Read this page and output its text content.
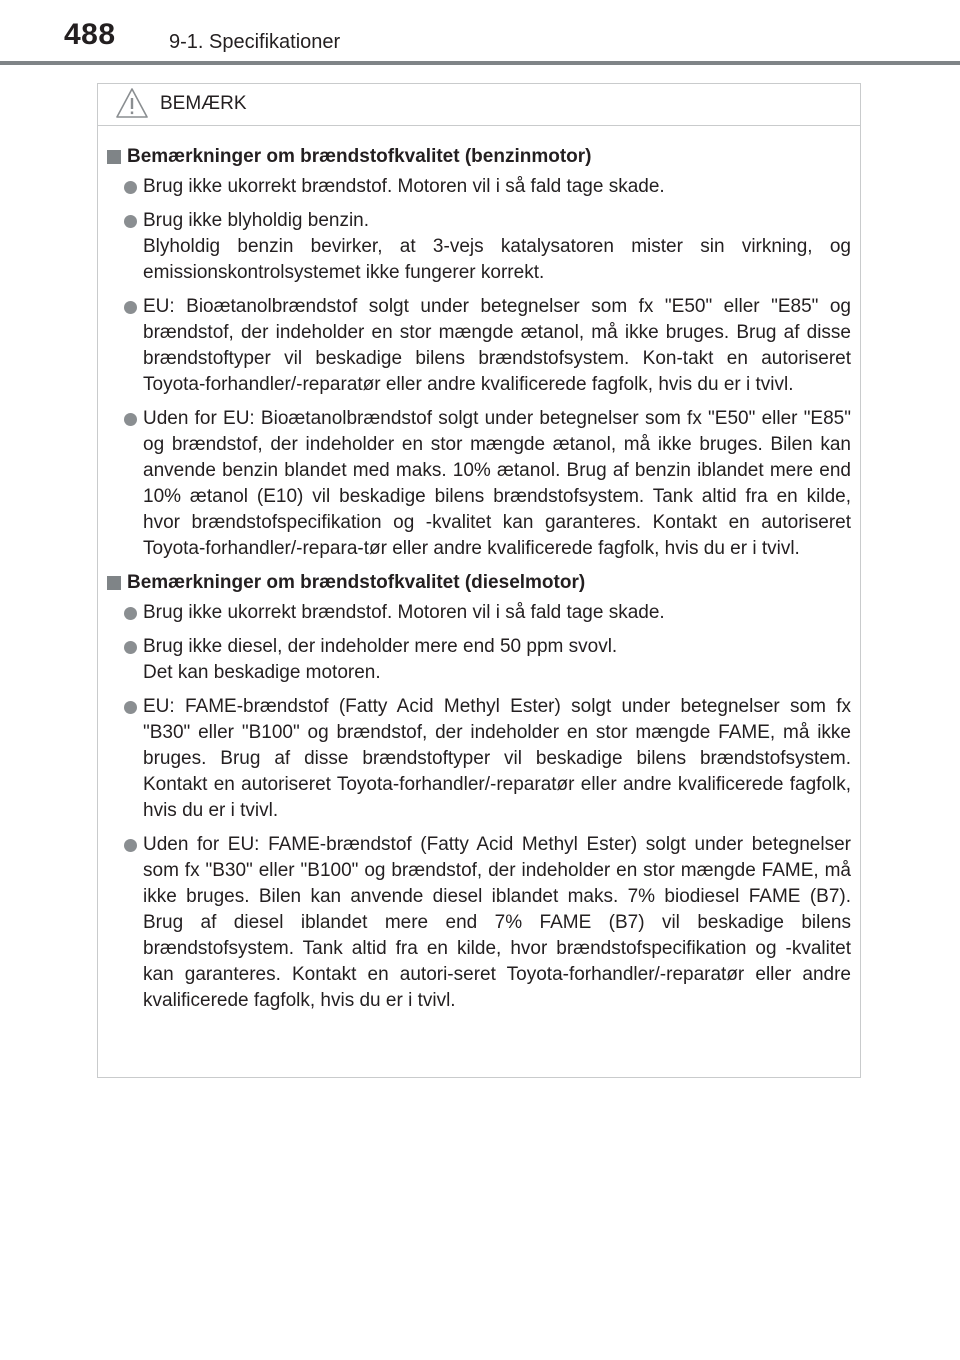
488	9-1. Specifikationer
BEMÆRK
Bemærkninger om brændstofkvalitet (benzinmotor)

Brug ikke ukorrekt brændstof. Motoren vil i så fald tage skade.

Brug ikke blyholdig benzin.

Blyholdig benzin bevirker, at 3-vejs katalysatoren mister sin virkning, og emissionskontrolsystemet ikke fungerer korrekt.

EU: Bioætanolbrændstof solgt under betegnelser som fx "E50" eller "E85" og brændstof, der indeholder en stor mængde ætanol, må ikke bruges. Brug af disse brændstoftyper vil beskadige bilens brændstofsystem. Kon-takt en autoriseret Toyota-forhandler/-reparatør eller andre kvalificerede fagfolk, hvis du er i tvivl.

Uden for EU: Bioætanolbrændstof solgt under betegnelser som fx "E50" eller "E85" og brændstof, der indeholder en stor mængde ætanol, må ikke bruges. Bilen kan anvende benzin blandet med maks. 10% ætanol. Brug af benzin iblandet mere end 10% ætanol (E10) vil beskadige bilens brændstofsystem. Tank altid fra en kilde, hvor brændstofspecifikation og -kvalitet kan garanteres. Kontakt en autoriseret Toyota-forhandler/-repara-tør eller andre kvalificerede fagfolk, hvis du er i tvivl.

Bemærkninger om brændstofkvalitet (dieselmotor)

Brug ikke ukorrekt brændstof. Motoren vil i så fald tage skade.

Brug ikke diesel, der indeholder mere end 50 ppm svovl.

Det kan beskadige motoren.

EU: FAME-brændstof (Fatty Acid Methyl Ester) solgt under betegnelser som fx "B30" eller "B100" og brændstof, der indeholder en stor mængde FAME, må ikke bruges. Brug af disse brændstoftyper vil beskadige bilens brændstofsystem. Kontakt en autoriseret Toyota-forhandler/-reparatør eller andre kvalificerede fagfolk, hvis du er i tvivl.

Uden for EU: FAME-brændstof (Fatty Acid Methyl Ester) solgt under betegnelser som fx "B30" eller "B100" og brændstof, der indeholder en stor mængde FAME, må ikke bruges. Bilen kan anvende diesel iblandet maks. 7% biodiesel FAME (B7). Brug af diesel iblandet mere end 7% FAME (B7) vil beskadige bilens brændstofsystem. Tank altid fra en kilde, hvor brændstofspecifikation og -kvalitet kan garanteres. Kontakt en autori-seret Toyota-forhandler/-reparatør eller andre kvalificerede fagfolk, hvis du er i tvivl.
